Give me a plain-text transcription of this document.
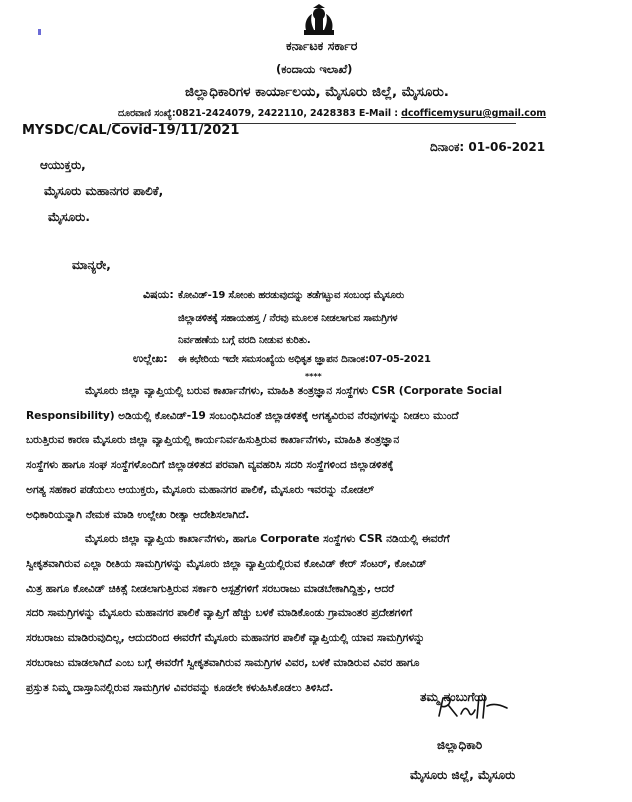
ಕರ್ನಾಟಕ ಸರ್ಕಾರ
(ಕಂದಾಯ ಇಲಾಖೆ)
ಜಿಲ್ಲಾಧಿಕಾರಿಗಳ ಕಾರ್ಯಾಲಯ, ಮೈಸೂರು ಜಿಲ್ಲೆ, ಮೈಸೂರು.
ದೂರವಾಣಿ ಸಂಖ್ಯೆ:0821-2424079, 2422110, 2428383 E-Mail : dcofficemysuru@gmail.com
MYSDC/CAL/Covid-19/11/2021
ದಿನಾಂಕ: 01-06-2021
ಆಯುಕ್ತರು,
ಮೈಸೂರು ಮಹಾನಗರ ಪಾಲಿಕೆ,
ಮೈಸೂರು.
ಮಾನ್ಯರೇ,
ವಿಷಯ: ಕೋವಿಡ್-19 ಸೋಂಕು ಹರಡುವುದನ್ನು ತಡೆಗಟ್ಟುವ ಸಂಬಂಧ ಮೈಸೂರು
ಜಿಲ್ಲಾಡಳಿತಕ್ಕೆ ಸಹಾಯಹಸ್ತ / ನೆರವು ಮೂಲಕ ನೀಡಲಾಗುವ ಸಾಮಗ್ರಿಗಳ
ನಿರ್ವಹಣೆಯ ಬಗ್ಗೆ ವರದಿ ನೀಡುವ ಕುರಿತು.
ಉಲ್ಲೇಖ: ಈ ಕಛೇರಿಯ ಇದೇ ಸಮಸಂಖ್ಯೆಯ ಅಧಿಕೃತ ಜ್ಞಾಪನ ದಿನಾಂಕ:07-05-2021
****
ಮೈಸೂರು ಜಿಲ್ಲಾ ವ್ಯಾಪ್ತಿಯಲ್ಲಿ ಬರುವ ಕಾರ್ಖಾನೆಗಳು, ಮಾಹಿತಿ ತಂತ್ರಜ್ಞಾನ ಸಂಸ್ಥೆಗಳು CSR (Corporate Social
Responsibility) ಅಡಿಯಲ್ಲಿ ಕೋವಿಡ್-19 ಸಂಬಂಧಿಸಿದಂತೆ ಜಿಲ್ಲಾಡಳಿತಕ್ಕೆ ಅಗತ್ಯವಿರುವ ನೆರವುಗಳನ್ನು ನೀಡಲು ಮುಂದೆ
ಬರುತ್ತಿರುವ ಕಾರಣ ಮೈಸೂರು ಜಿಲ್ಲಾ ವ್ಯಾಪ್ತಿಯಲ್ಲಿ ಕಾರ್ಯನಿರ್ವಹಿಸುತ್ತಿರುವ ಕಾರ್ಖಾನೆಗಳು, ಮಾಹಿತಿ ತಂತ್ರಜ್ಞಾನ
ಸಂಸ್ಥೆಗಳು ಹಾಗೂ ಸಂಘ ಸಂಸ್ಥೆಗಳೊಂದಿಗೆ ಜಿಲ್ಲಾಡಳಿತದ ಪರವಾಗಿ ವ್ಯವಹರಿಸಿ ಸದರಿ ಸಂಸ್ಥೆಗಳಿಂದ ಜಿಲ್ಲಾಡಳಿತಕ್ಕೆ
ಅಗತ್ಯ ಸಹಕಾರ ಪಡೆಯಲು ಆಯುಕ್ತರು, ಮೈಸೂರು ಮಹಾನಗರ ಪಾಲಿಕೆ, ಮೈಸೂರು ಇವರನ್ನು ನೋಡಲ್
ಅಧಿಕಾರಿಯನ್ನಾಗಿ ನೇಮಕ ಮಾಡಿ ಉಲ್ಲೇಖ ರೀತ್ಯಾ ಆದೇಶಿಸಲಾಗಿದೆ.
ಮೈಸೂರು ಜಿಲ್ಲಾ ವ್ಯಾಪ್ತಿಯ ಕಾರ್ಖಾನೆಗಳು, ಹಾಗೂ Corporate ಸಂಸ್ಥೆಗಳು CSR ನಡಿಯಲ್ಲಿ ಈವರೆಗೆ
ಸ್ವೀಕೃತವಾಗಿರುವ ಎಲ್ಲಾ ರೀತಿಯ ಸಾಮಗ್ರಿಗಳನ್ನು ಮೈಸೂರು ಜಿಲ್ಲಾ ವ್ಯಾಪ್ತಿಯಲ್ಲಿರುವ ಕೋವಿಡ್ ಕೇರ್ ಸೆಂಟರ್, ಕೋವಿಡ್
ಮಿತ್ರ ಹಾಗೂ ಕೋವಿಡ್ ಚಿಕಿತ್ಸೆ ನೀಡಲಾಗುತ್ತಿರುವ ಸರ್ಕಾರಿ ಆಸ್ಪತ್ರೆಗಳಿಗೆ ಸರಬರಾಜು ಮಾಡಬೇಕಾಗಿದ್ದಿತ್ತು, ಆದರೆ
ಸದರಿ ಸಾಮಗ್ರಿಗಳನ್ನು ಮೈಸೂರು ಮಹಾನಗರ ಪಾಲಿಕೆ ವ್ಯಾಪ್ತಿಗೆ ಹೆಚ್ಚು ಬಳಕೆ ಮಾಡಿಕೊಂಡು ಗ್ರಾಮಾಂತರ ಪ್ರದೇಶಗಳಿಗೆ
ಸರಬರಾಜು ಮಾಡಿರುವುದಿಲ್ಲ, ಆದುದರಿಂದ ಈವರೆಗೆ ಮೈಸೂರು ಮಹಾನಗರ ಪಾಲಿಕೆ ವ್ಯಾಪ್ತಿಯಲ್ಲಿ ಯಾವ ಸಾಮಗ್ರಿಗಳನ್ನು
ಸರಬರಾಜು ಮಾಡಲಾಗಿದೆ ಎಂಬ ಬಗ್ಗೆ ಈವರೆಗೆ ಸ್ವೀಕೃತವಾಗಿರುವ ಸಾಮಗ್ರಿಗಳ ವಿವರ, ಬಳಕೆ ಮಾಡಿರುವ ವಿವರ ಹಾಗೂ
ಪ್ರಸ್ತುತ ನಿಮ್ಮ ದಾಸ್ತಾನಿನಲ್ಲಿರುವ ಸಾಮಗ್ರಿಗಳ ವಿವರವನ್ನು ಕೂಡಲೇ ಕಳುಹಿಸಿಕೊಡಲು ತಿಳಿಸಿದೆ.
ತಮ್ಮ ನಂಬುಗೆಯ
ಜಿಲ್ಲಾಧಿಕಾರಿ
ಮೈಸೂರು ಜಿಲ್ಲೆ, ಮೈಸೂರು
